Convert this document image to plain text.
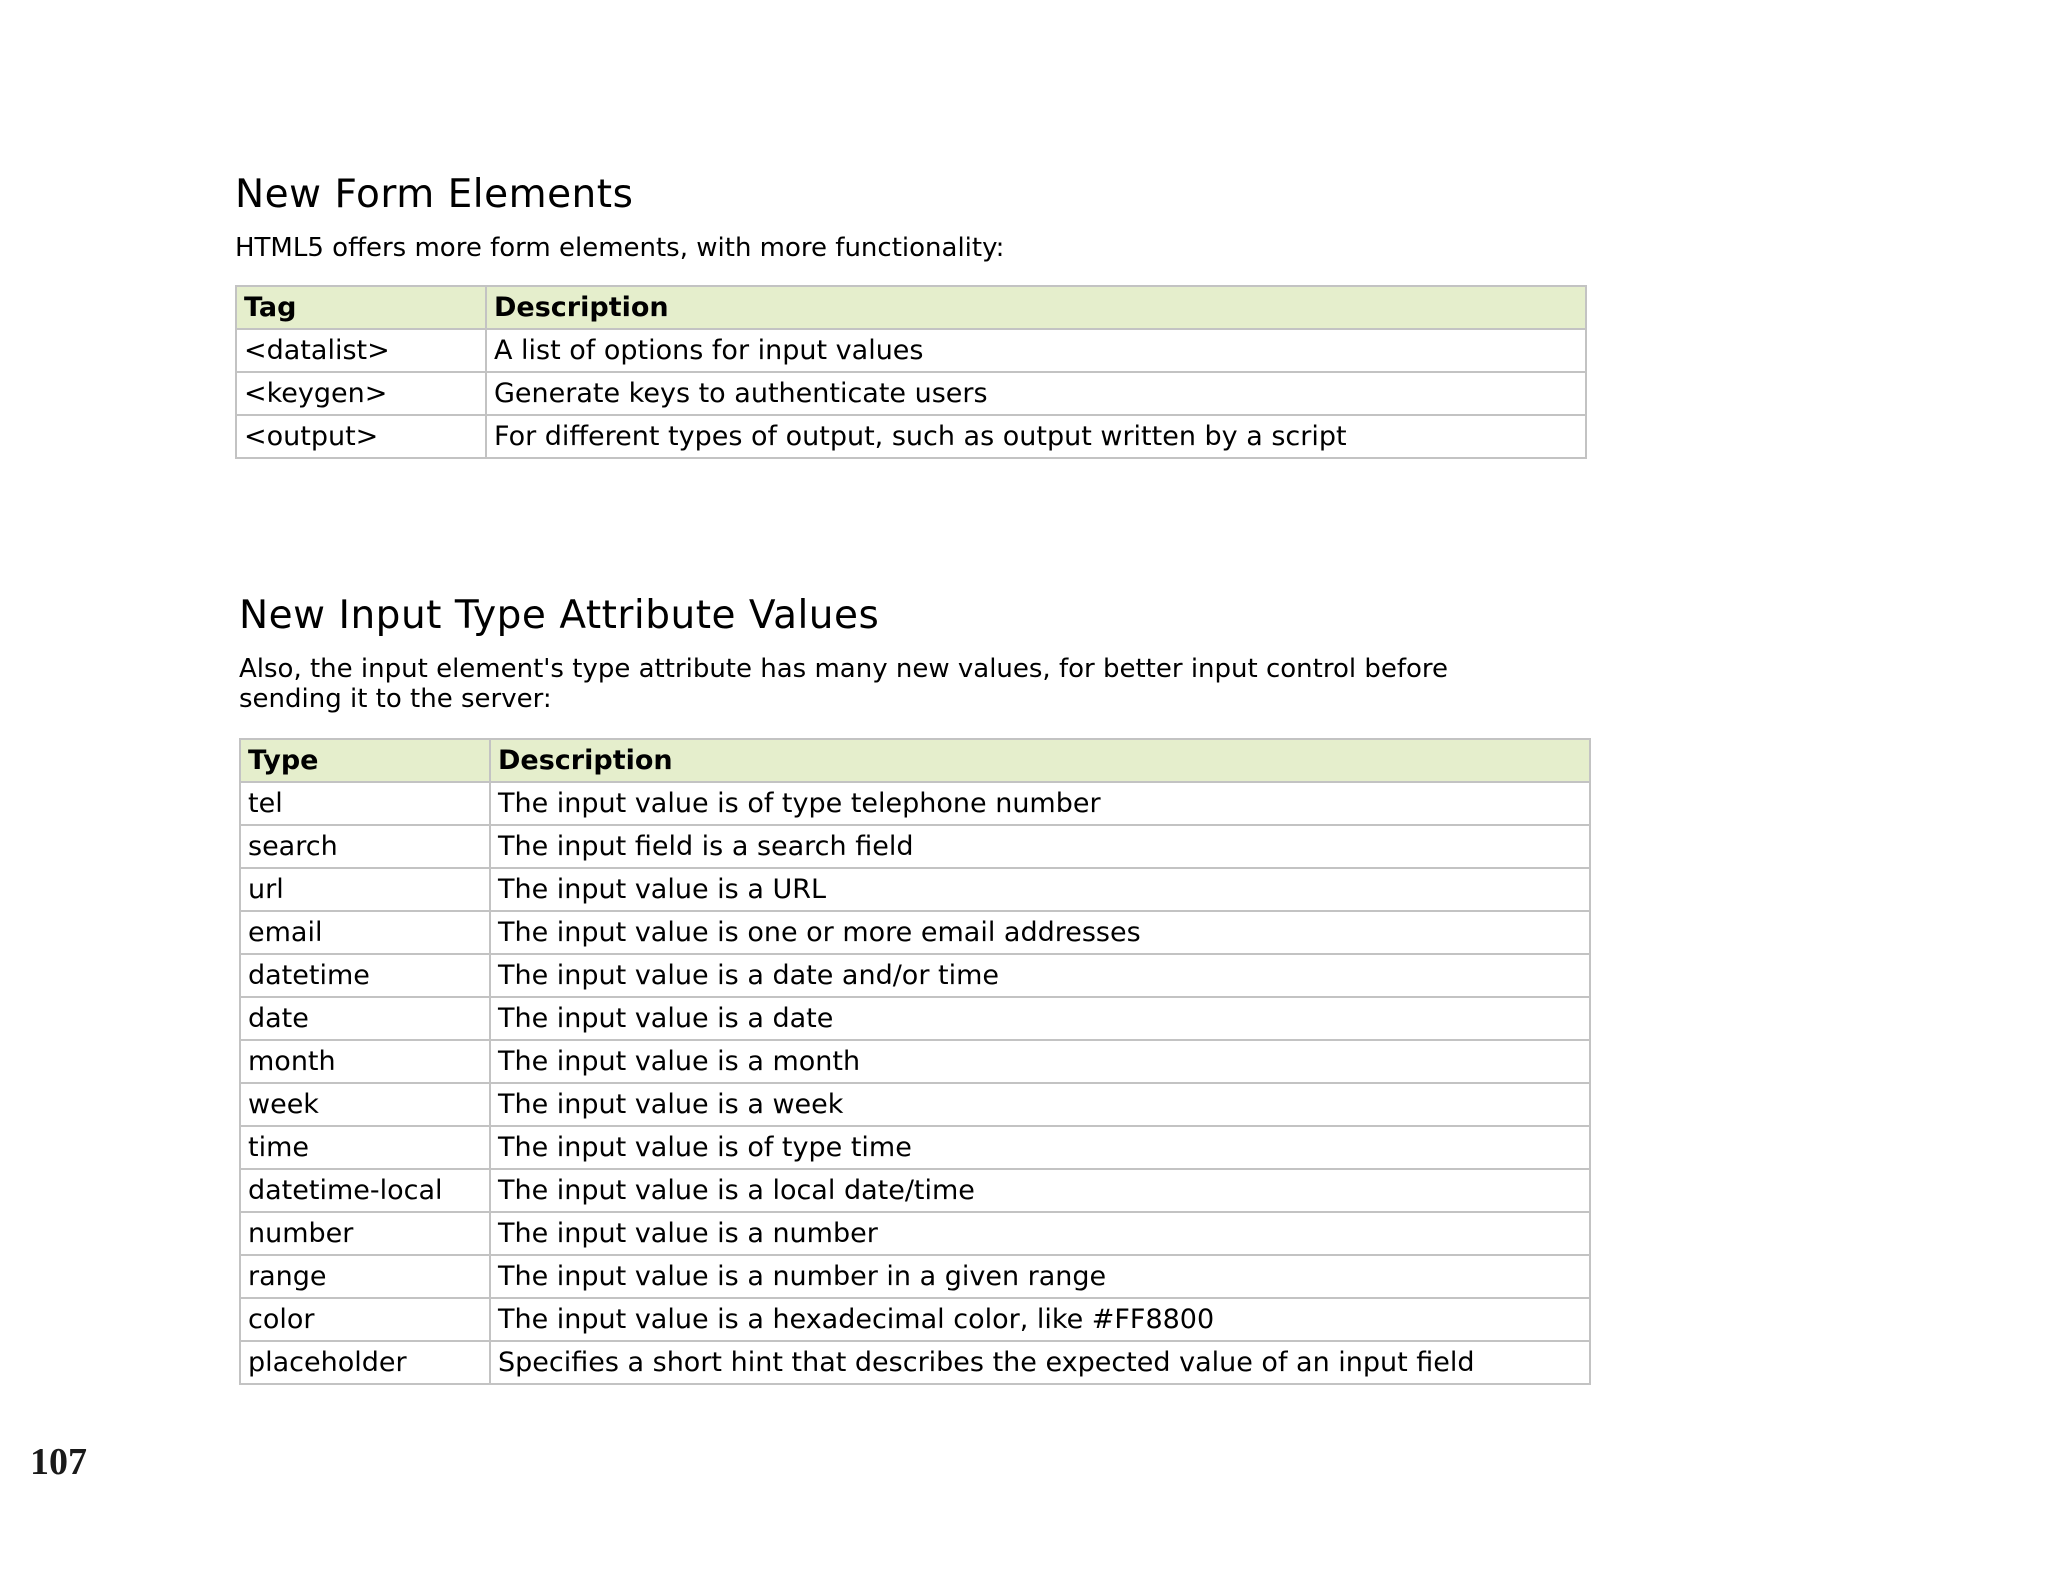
New Form Elements

HTML5 offers more form elements, with more functionality:

Tag	Description
<datalist>	A list of options for input values
<keygen>	Generate keys to authenticate users
<output>	For different types of output, such as output written by a script
New Input Type Attribute Values

Also, the input element's type attribute has many new values, for better input control before sending it to the server:

Type	Description
tel	The input value is of type telephone number
search	The input field is a search field
url	The input value is a URL
email	The input value is one or more email addresses
datetime	The input value is a date and/or time
date	The input value is a date
month	The input value is a month
week	The input value is a week
time	The input value is of type time
datetime-local	The input value is a local date/time
number	The input value is a number
range	The input value is a number in a given range
color	The input value is a hexadecimal color, like #FF8800
placeholder	Specifies a short hint that describes the expected value of an input field
107
